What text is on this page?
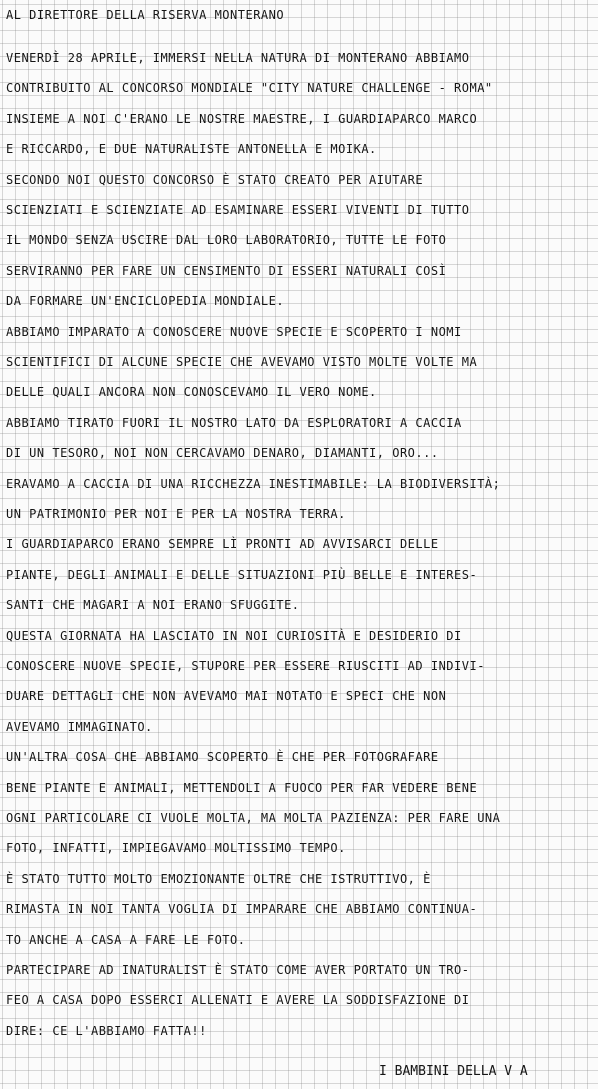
AL DIRETTORE DELLA RISERVA MONTERANO
VENERDÌ 28 APRILE, IMMERSI NELLA NATURA DI MONTERANO ABBIAMO
CONTRIBUITO AL CONCORSO MONDIALE "CITY NATURE CHALLENGE - ROMA"
INSIEME A NOI C'ERANO LE NOSTRE MAESTRE, I GUARDIAPARCO MARCO
E RICCARDO, E DUE NATURALISTE ANTONELLA E MOIKA.
SECONDO NOI QUESTO CONCORSO È STATO CREATO PER AIUTARE
SCIENZIATI E SCIENZIATE AD ESAMINARE ESSERI VIVENTI DI TUTTO
IL MONDO SENZA USCIRE DAL LORO LABORATORIO, TUTTE LE FOTO
SERVIRANNO PER FARE UN CENSIMENTO DI ESSERI NATURALI COSÌ
DA FORMARE UN'ENCICLOPEDIA MONDIALE.
ABBIAMO IMPARATO A CONOSCERE NUOVE SPECIE E SCOPERTO I NOMI
SCIENTIFICI DI ALCUNE SPECIE CHE AVEVAMO VISTO MOLTE VOLTE MA
DELLE QUALI ANCORA NON CONOSCEVAMO IL VERO NOME.
ABBIAMO TIRATO FUORI IL NOSTRO LATO DA ESPLORATORI A CACCIA
DI UN TESORO, NOI NON CERCAVAMO DENARO, DIAMANTI, ORO...
ERAVAMO A CACCIA DI UNA RICCHEZZA INESTIMABILE: LA BIODIVERSITÀ;
UN PATRIMONIO PER NOI E PER LA NOSTRA TERRA.
I GUARDIAPARCO ERANO SEMPRE LÌ PRONTI AD AVVISARCI DELLE
PIANTE, DEGLI ANIMALI E DELLE SITUAZIONI PIÙ BELLE E INTERES-
SANTI CHE MAGARI A NOI ERANO SFUGGITE.
QUESTA GIORNATA HA LASCIATO IN NOI CURIOSITÀ E DESIDERIO DI
CONOSCERE NUOVE SPECIE, STUPORE PER ESSERE RIUSCITI AD INDIVI-
DUARE DETTAGLI CHE NON AVEVAMO MAI NOTATO E SPECI CHE NON
AVEVAMO IMMAGINATO.
UN'ALTRA COSA CHE ABBIAMO SCOPERTO È CHE PER FOTOGRAFARE
BENE PIANTE E ANIMALI, METTENDOLI A FUOCO PER FAR VEDERE BENE
OGNI PARTICOLARE CI VUOLE MOLTA, MA MOLTA PAZIENZA: PER FARE UNA
FOTO, INFATTI, IMPIEGAVAMO MOLTISSIMO TEMPO.
È STATO TUTTO MOLTO EMOZIONANTE OLTRE CHE ISTRUTTIVO, È
RIMASTA IN NOI TANTA VOGLIA DI IMPARARE CHE ABBIAMO CONTINUA-
TO ANCHE A CASA A FARE LE FOTO.
PARTECIPARE AD INATURALIST È STATO COME AVER PORTATO UN TRO-
FEO A CASA DOPO ESSERCI ALLENATI E AVERE LA SODDISFAZIONE DI
DIRE: CE L'ABBIAMO FATTA!!
I BAMBINI DELLA V A
